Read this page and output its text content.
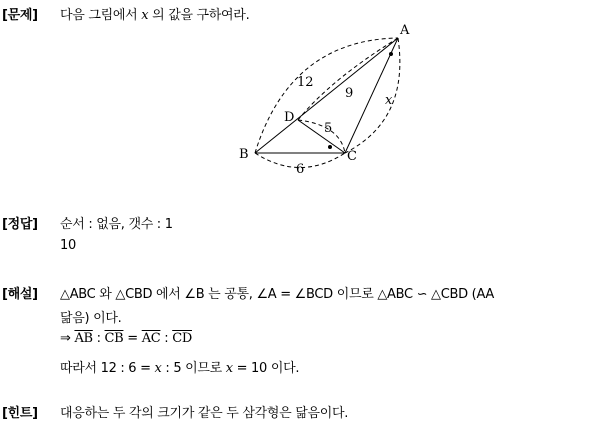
[문제] 다음 그림에서 x 의 값을 구하여라.
A
B	C
D
12
6
9
5
x
[정답] 순서 : 없음, 갯수 : 1
10
[해설] △ABC 와 △CBD 에서 ∠B 는 공통, ∠A = ∠BCD 이므로 △ABC ∽ △CBD (AA
닮음) 이다.
⇒ $\overline{AB}$ : $\overline{CB} = \overline{AC}$ : $\overline{CD}$
따라서 12 : 6 = x : 5 이므로 x = 10 이다.
[힌트] 대응하는 두 각의 크기가 같은 두 삼각형은 닮음이다.
